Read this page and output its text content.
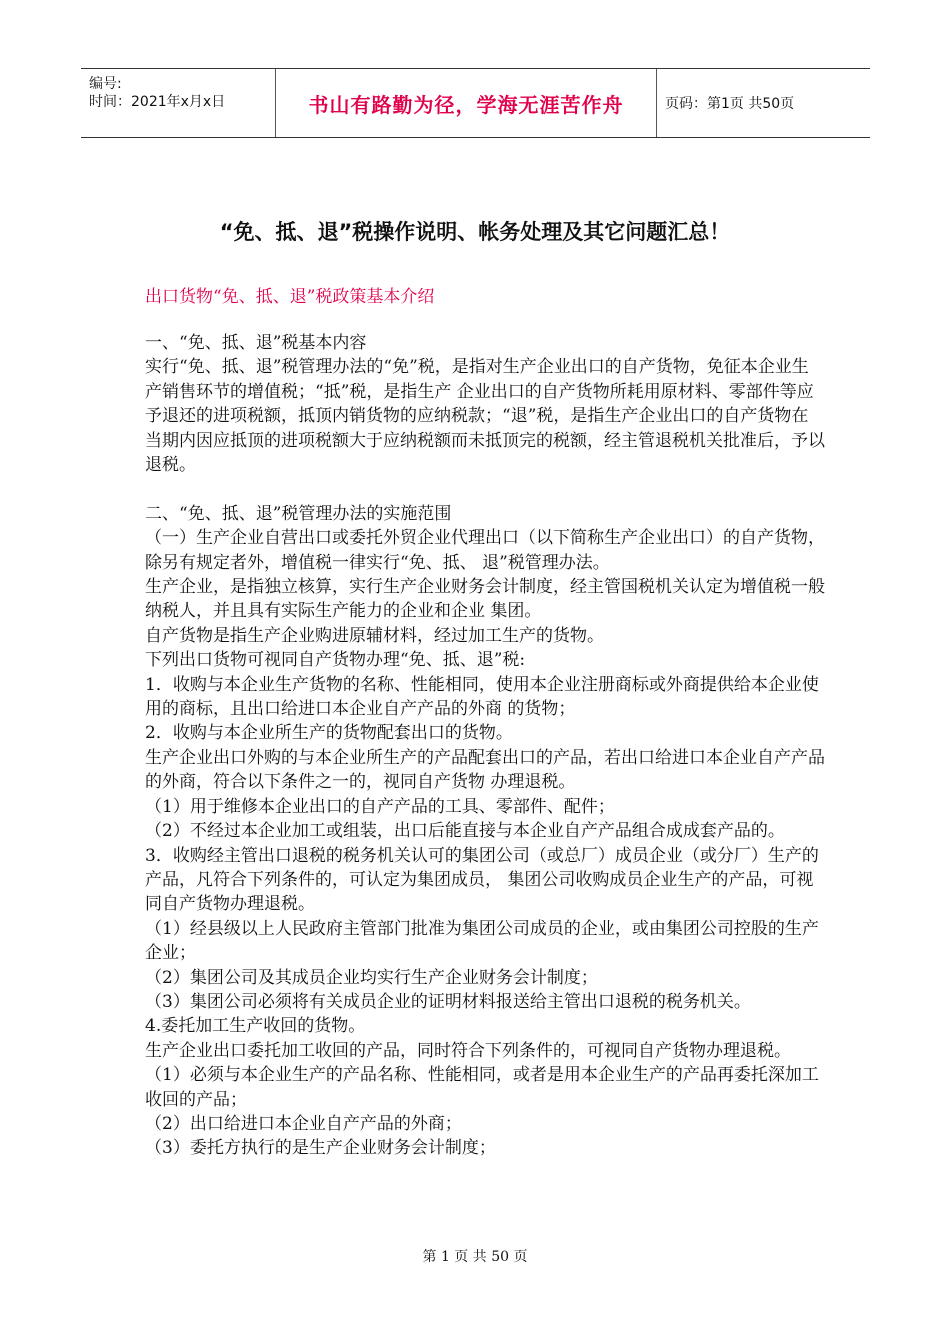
编号:
时间：2021年x月x日	书山有路勤为径，学海无涯苦作舟	页码：第1页 共50页
“免、抵、退”税操作说明、帐务处理及其它问题汇总！
出口货物“免、抵、退”税政策基本介绍
一、“免、抵、退”税基本内容
实行“免、抵、退”税管理办法的“免”税，是指对生产企业出口的自产货物，免征本企业生产销售环节的增值税；“抵”税，是指生产 企业出口的自产货物所耗用原材料、零部件等应予退还的进项税额，抵顶内销货物的应纳税款；“退”税，是指生产企业出口的自产货物在当期内因应抵顶的进项税额大于应纳税额而未抵顶完的税额，经主管退税机关批准后，予以退税。
二、“免、抵、退”税管理办法的实施范围
（一）生产企业自营出口或委托外贸企业代理出口（以下简称生产企业出口）的自产货物，除另有规定者外，增值税一律实行“免、抵、 退”税管理办法。
生产企业，是指独立核算，实行生产企业财务会计制度，经主管国税机关认定为增值税一般纳税人，并且具有实际生产能力的企业和企业 集团。
自产货物是指生产企业购进原辅材料，经过加工生产的货物。
下列出口货物可视同自产货物办理“免、抵、退”税:
1．收购与本企业生产货物的名称、性能相同，使用本企业注册商标或外商提供给本企业使用的商标，且出口给进口本企业自产产品的外商 的货物；
2．收购与本企业所生产的货物配套出口的货物。
生产企业出口外购的与本企业所生产的产品配套出口的产品，若出口给进口本企业自产产品的外商，符合以下条件之一的，视同自产货物 办理退税。
（1）用于维修本企业出口的自产产品的工具、零部件、配件；
（2）不经过本企业加工或组装，出口后能直接与本企业自产产品组合成成套产品的。
3．收购经主管出口退税的税务机关认可的集团公司（或总厂）成员企业（或分厂）生产的产品，凡符合下列条件的，可认定为集团成员， 集团公司收购成员企业生产的产品，可视同自产货物办理退税。
（1）经县级以上人民政府主管部门批准为集团公司成员的企业，或由集团公司控股的生产企业；
（2）集团公司及其成员企业均实行生产企业财务会计制度；
（3）集团公司必须将有关成员企业的证明材料报送给主管出口退税的税务机关。
4.委托加工生产收回的货物。
生产企业出口委托加工收回的产品，同时符合下列条件的，可视同自产货物办理退税。
（1）必须与本企业生产的产品名称、性能相同，或者是用本企业生产的产品再委托深加工收回的产品；
（2）出口给进口本企业自产产品的外商；
（3）委托方执行的是生产企业财务会计制度；
第 1 页 共 50 页
